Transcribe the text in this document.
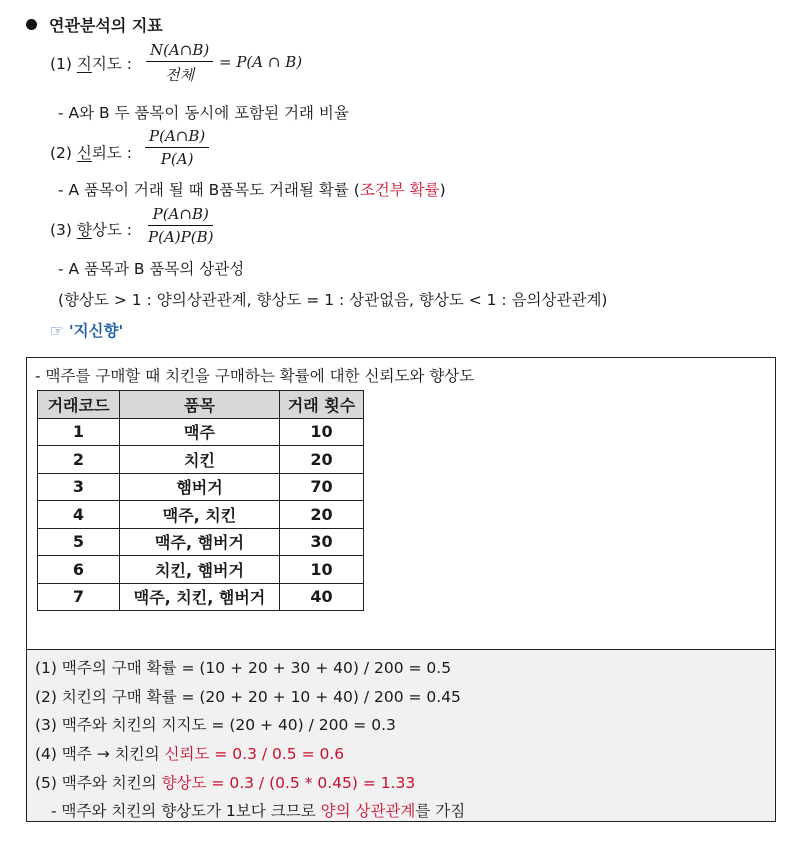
연관분석의 지표
(1) 지지도 :
N(A∩B)
전체
= P(A ∩ B)
- A와 B 두 품목이 동시에 포함된 거래 비율
(2) 신뢰도 : $\frac{P(A\cap B)}{P(A)}$
- A 품목이 거래 될 때 B품목도 거래될 확률 (조건부 확률)
(3) 향상도 : $\frac{P(A\cap B)}{P(A)P(B)}$
- A 품목과 B 품목의 상관성
(향상도 > 1 : 양의상관관계, 향상도 = 1 : 상관없음, 향상도 < 1 : 음의상관관계)
☞ '지신향'
- 맥주를 구매할 때 치킨을 구매하는 확률에 대한 신뢰도와 향상도
거래코드	품목	거래 횟수
1	맥주	10
2	치킨	20
3	햄버거	70
4	맥주, 치킨	20
5	맥주, 햄버거	30
6	치킨, 햄버거	10
7	맥주, 치킨, 햄버거	40
(1) 맥주의 구매 확률 = (10 + 20 + 30 + 40) / 200 = 0.5
(2) 치킨의 구매 확률 = (20 + 20 + 10 + 40) / 200 = 0.45
(3) 맥주와 치킨의 지지도 = (20 + 40) / 200 = 0.3
(4) 맥주 → 치킨의 신뢰도 = 0.3 / 0.5 = 0.6
(5) 맥주와 치킨의 향상도 = 0.3 / (0.5 * 0.45) = 1.33
- 맥주와 치킨의 향상도가 1보다 크므로 양의 상관관계를 가짐
